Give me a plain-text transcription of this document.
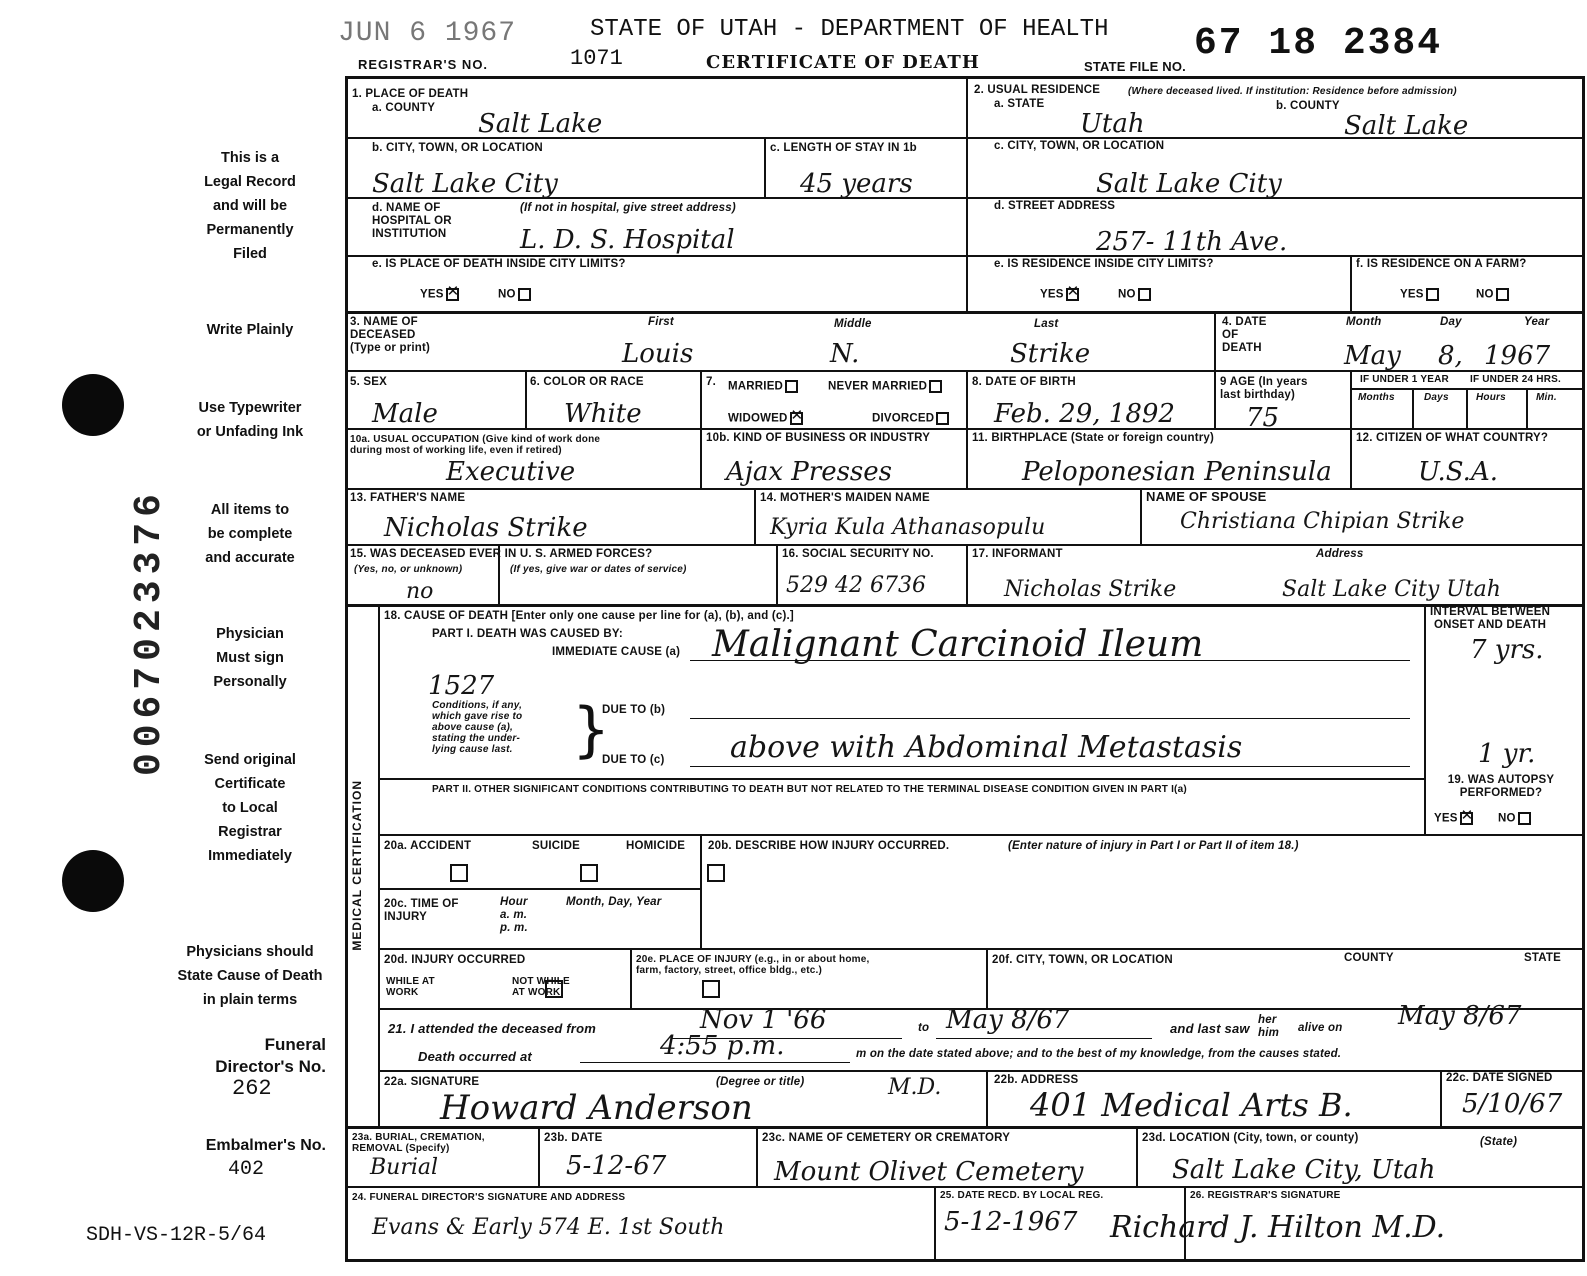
JUN 6 1967	STATE OF UTAH - DEPARTMENT OF HEALTH
REGISTRAR'S NO.	1071	CERTIFICATE OF DEATH	STATE FILE NO.
67 18 2384
This is a
Legal Record
and will be
Permanently
Filed
Write Plainly
Use Typewriter
or Unfading Ink
All items to
be complete
and accurate
Physician
Must sign
Personally
Send original
Certificate
to Local
Registrar
Immediately
Physicians should
State Cause of Death
in plain terms
0067023376
Funeral
Director's No.
262
Embalmer's No.
402
SDH-VS-12R-5/64
1. PLACE OF DEATH
a. COUNTY
Salt Lake
2. USUAL RESIDENCE	(Where deceased lived. If institution: Residence before admission)
a. STATE	b. COUNTY
Utah	Salt Lake
b. CITY, TOWN, OR LOCATION
Salt Lake City
c. LENGTH OF STAY IN 1b
45 years
c. CITY, TOWN, OR LOCATION
Salt Lake City
d. NAME OF
HOSPITAL OR
INSTITUTION
(If not in hospital, give street address)
L. D. S. Hospital
d. STREET ADDRESS
257- 11th Ave.
e. IS PLACE OF DEATH INSIDE CITY LIMITS?
YES ✕	NO
e. IS RESIDENCE INSIDE CITY LIMITS?
YES ✕	NO
f. IS RESIDENCE ON A FARM?
YES	NO
3. NAME OF
DECEASED
(Type or print)
First	Middle	Last
Louis	N.	Strike
4. DATE
OF
DEATH
Month	Day	Year
May 8, 1967
5. SEX
Male
6. COLOR OR RACE
White
7. MARRIED	NEVER MARRIED
WIDOWED ✕	DIVORCED
8. DATE OF BIRTH
Feb. 29, 1892
9 AGE (In years
last birthday)
75
IF UNDER 1 YEAR IF UNDER 24 HRS.
Months	Days	Hours	Min.
10a. USUAL OCCUPATION (Give kind of work done
during most of working life, even if retired)
Executive
10b. KIND OF BUSINESS OR INDUSTRY
Ajax Presses
11. BIRTHPLACE (State or foreign country)
Peloponesian Peninsula
12. CITIZEN OF WHAT COUNTRY?
U.S.A.
13. FATHER'S NAME
Nicholas Strike
14. MOTHER'S MAIDEN NAME
Kyria Kula Athanasopulu
NAME OF SPOUSE
Christiana Chipian Strike
15. WAS DECEASED EVER IN U. S. ARMED FORCES?
(Yes, no, or unknown)	(If yes, give war or dates of service)
no
16. SOCIAL SECURITY NO.
529 42 6736
17. INFORMANT	Address
Nicholas Strike	Salt Lake City Utah
MEDICAL CERTIFICATION
18. CAUSE OF DEATH [Enter only one cause per line for (a), (b), and (c).]
PART I. DEATH WAS CAUSED BY:
IMMEDIATE CAUSE (a) Malignant Carcinoid Ileum
INTERVAL BETWEEN
ONSET AND DEATH
7 yrs.
1527
Conditions, if any,
which gave rise to
above cause (a),
stating the under-
lying cause last. }
DUE TO (b)
DUE TO (c) above with Abdominal Metastasis	1 yr.
PART II. OTHER SIGNIFICANT CONDITIONS CONTRIBUTING TO DEATH BUT NOT RELATED TO THE TERMINAL DISEASE CONDITION GIVEN IN PART I(a)
19. WAS AUTOPSY
PERFORMED?
YES ✕	NO
20a. ACCIDENT	SUICIDE	HOMICIDE
20b. DESCRIBE HOW INJURY OCCURRED.	(Enter nature of injury in Part I or Part II of item 18.)
20c. TIME OF
INJURY
Hour
a. m.
p. m.
Month, Day, Year
20d. INJURY OCCURRED
WHILE AT
WORK

NOT WHILE
AT WORK
20e. PLACE OF INJURY (e.g., in or about home,
farm, factory, street, office bldg., etc.)
20f. CITY, TOWN, OR LOCATION	COUNTY	STATE
21. I attended the deceased from	Nov 1 '66	to May 8/67	and last saw
her
him alive on May 8/67
Death occurred at	4:55 p.m.	m on the date stated above; and to the best of my knowledge, from the causes stated.
22a. SIGNATURE	(Degree or title)
Howard Anderson
M.D.	22b. ADDRESS
401 Medical Arts B.
22c. DATE SIGNED
5/10/67
23a. BURIAL, CREMATION,
REMOVAL (Specify)
Burial
23b. DATE
5-12-67
23c. NAME OF CEMETERY OR CREMATORY
Mount Olivet Cemetery
23d. LOCATION (City, town, or county)	(State)
Salt Lake City, Utah
24. FUNERAL DIRECTOR'S SIGNATURE AND ADDRESS
Evans & Early 574 E. 1st South
25. DATE RECD. BY LOCAL REG.
5-12-1967
26. REGISTRAR'S SIGNATURE
Richard J. Hilton M.D.
